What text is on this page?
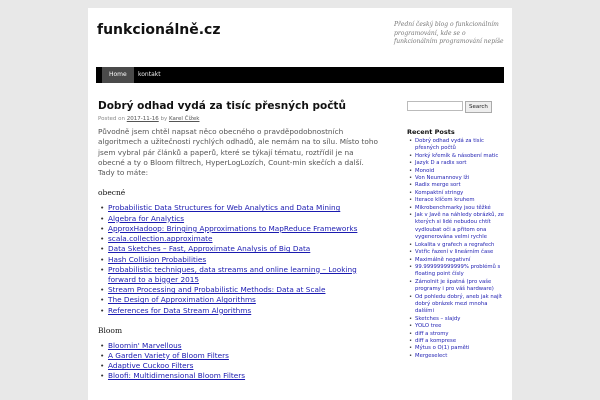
funkcionálně.cz	Přední český blog o funkcionálním programování, kde se o funkcionálním programování nepíše
Home	kontakt
Dobrý odhad vydá za tisíc přesných počtů
Posted on 2017-11-16 by Karel Čížek
Původně jsem chtěl napsat něco obecného o pravděpodobnostních algoritmech a užitečnosti rychlých odhadů, ale nemám na to sílu. Místo toho jsem vybral pár článků a paperů, které se týkají tématu, roztřídil je na obecné a ty o Bloom filtrech, HyperLogLozích, Count-min skečích a další. Tady to máte:
obecné
• Probabilistic Data Structures for Web Analytics and Data Mining
• Algebra for Analytics
• ApproxHadoop: Bringing Approximations to MapReduce Frameworks
• scala.collection.approximate
• Data Sketches – Fast, Approximate Analysis of Big Data
• Hash Collision Probabilities
• Probabilistic techniques, data streams and online learning – Looking forward to a bigger 2015
• Stream Processing and Probabilistic Methods: Data at Scale
• The Design of Approximation Algorithms
• References for Data Stream Algorithms
Bloom
• Bloomin' Marvellous
• A Garden Variety of Bloom Filters
• Adaptive Cuckoo Filters
• Bloofi: Multidimensional Bloom Filters
Search
Recent Posts
• Dobrý odhad vydá za tisíc přesných počtů
• Horký křemík & násobení matic
• Jazyk D a radix sort
• Monoid
• Von Neumannovy lži
• Radix merge sort
• Kompaktní stringy
• Iterace klíčem kruhem
• Mikrobenchmarky jsou těžké
• Jak v Javě na náhledy obrázků, ze kterých si lidé nebudou chtít vydloubat oči a přitom ona vygenerována velmi rychle
• Lokalita v grafech a regrafech
• Vstřic řazení v lineárním čase
• Maximálně negativní
• 99.999999999999% problémů s floating point čísly
• Zámolnit je špatná (pro vaše programy i pro váš hardware)
• Od pohledu dobrý, aneb jak najít dobrý obrázek mezi mnoha dalšími
• Sketches – slajdy
• YOLO tree
• diff a stromy
• diff a komprese
• Mýtus o O(1) paměti
• Mergeselect
